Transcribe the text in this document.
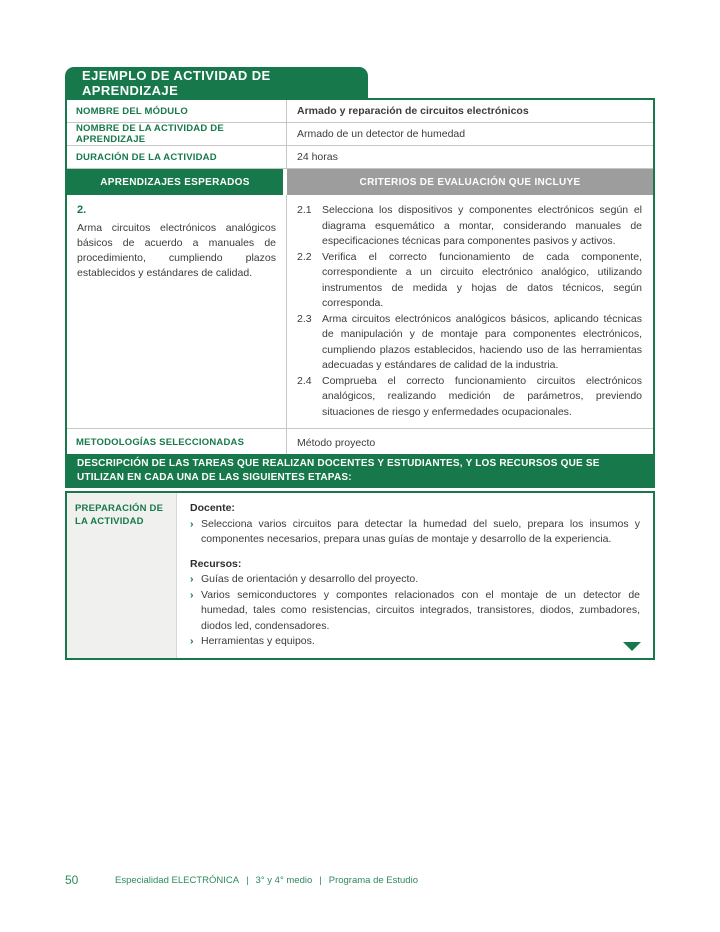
EJEMPLO DE ACTIVIDAD DE APRENDIZAJE
NOMBRE DEL MÓDULO	Armado y reparación de circuitos electrónicos
NOMBRE DE LA ACTIVIDAD DE APRENDIZAJE	Armado de un detector de humedad
DURACIÓN DE LA ACTIVIDAD	24 horas
APRENDIZAJES ESPERADOS	CRITERIOS DE EVALUACIÓN QUE INCLUYE
2.
Arma circuitos electrónicos analógicos básicos de acuerdo a manuales de procedimiento, cumpliendo plazos establecidos y estándares de calidad.
2.1 Selecciona los dispositivos y componentes electrónicos según el diagrama esquemático a montar, considerando manuales de especificaciones técnicas para componentes pasivos y activos.
2.2 Verifica el correcto funcionamiento de cada componente, correspondiente a un circuito electrónico analógico, utilizando instrumentos de medida y hojas de datos técnicos, según corresponda.
2.3 Arma circuitos electrónicos analógicos básicos, aplicando técnicas de manipulación y de montaje para componentes electrónicos, cumpliendo plazos establecidos, haciendo uso de las herramientas adecuadas y estándares de calidad de la industria.
2.4 Comprueba el correcto funcionamiento circuitos electrónicos analógicos, realizando medición de parámetros, previendo situaciones de riesgo y enfermedades ocupacionales.
METODOLOGÍAS SELECCIONADAS	Método proyecto
DESCRIPCIÓN DE LAS TAREAS QUE REALIZAN DOCENTES Y ESTUDIANTES, Y LOS RECURSOS QUE SE UTILIZAN EN CADA UNA DE LAS SIGUIENTES ETAPAS:
PREPARACIÓN DE LA ACTIVIDAD

Docente:

› Selecciona varios circuitos para detectar la humedad del suelo, prepara los insumos y componentes necesarios, prepara unas guías de montaje y desarrollo de la experiencia.

Recursos:

› Guías de orientación y desarrollo del proyecto.
› Varios semiconductores y compontes relacionados con el montaje de un detector de humedad, tales como resistencias, circuitos integrados, transistores, diodos, zumbadores, diodos led, condensadores.
› Herramientas y equipos.
50	Especialidad ELECTRÓNICA | 3° y 4° medio | Programa de Estudio
